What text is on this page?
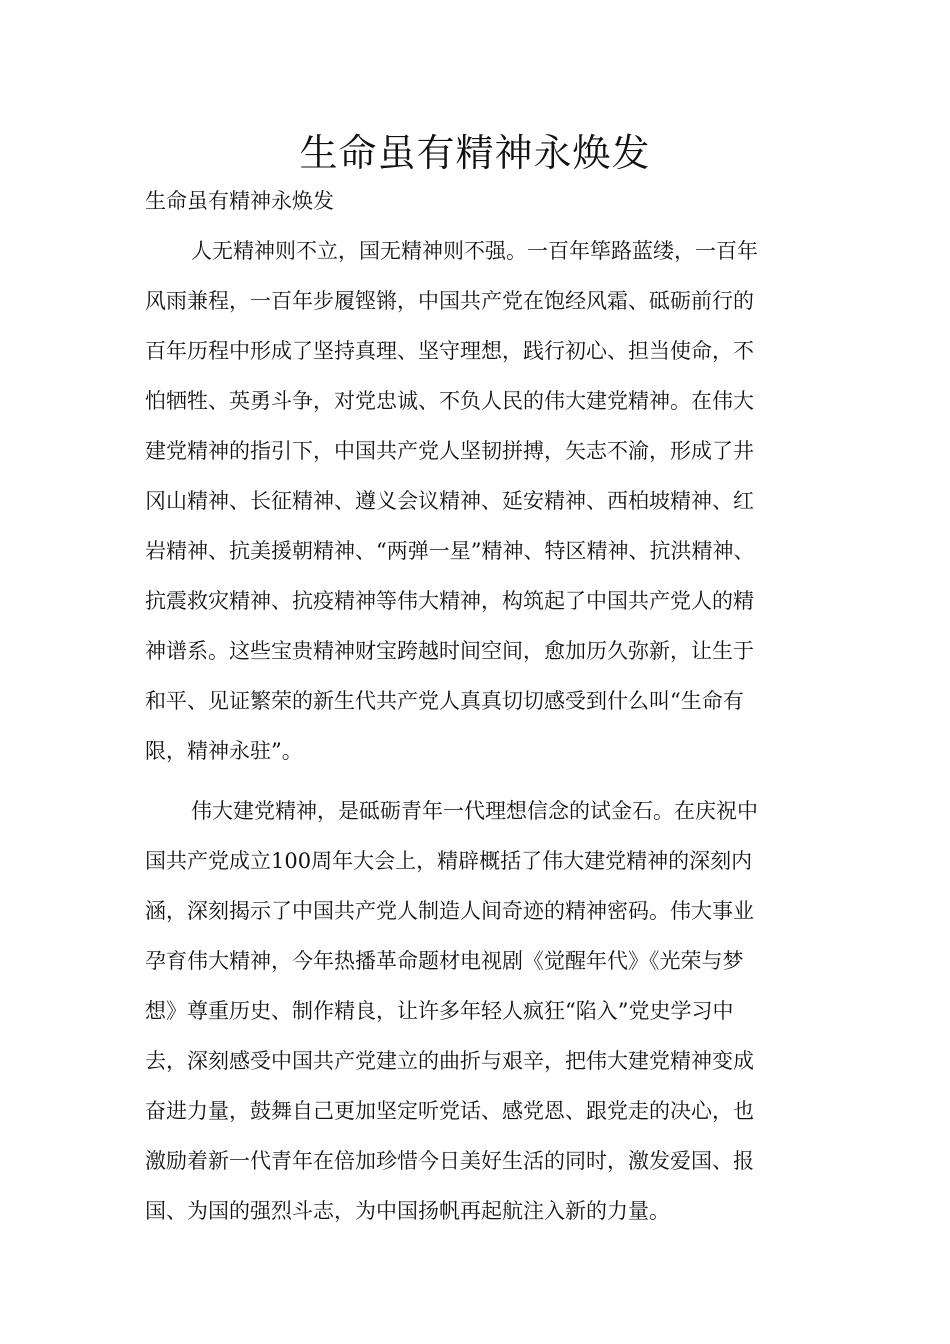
生命虽有精神永焕发
生命虽有精神永焕发
人无精神则不立，国无精神则不强。一百年筚路蓝缕，一百年
风雨兼程，一百年步履铿锵，中国共产党在饱经风霜、砥砺前行的
百年历程中形成了坚持真理、坚守理想，践行初心、担当使命，不
怕牺牲、英勇斗争，对党忠诚、不负人民的伟大建党精神。在伟大
建党精神的指引下，中国共产党人坚韧拼搏，矢志不渝，形成了井
冈山精神、长征精神、遵义会议精神、延安精神、西柏坡精神、红
岩精神、抗美援朝精神、“两弹一星”精神、特区精神、抗洪精神、
抗震救灾精神、抗疫精神等伟大精神，构筑起了中国共产党人的精
神谱系。这些宝贵精神财宝跨越时间空间，愈加历久弥新，让生于
和平、见证繁荣的新生代共产党人真真切切感受到什么叫“生命有
限，精神永驻”。
伟大建党精神，是砥砺青年一代理想信念的试金石。在庆祝中
国共产党成立100周年大会上，精辟概括了伟大建党精神的深刻内
涵，深刻揭示了中国共产党人制造人间奇迹的精神密码。伟大事业
孕育伟大精神，今年热播革命题材电视剧《觉醒年代》《光荣与梦
想》尊重历史、制作精良，让许多年轻人疯狂“陷入”党史学习中
去，深刻感受中国共产党建立的曲折与艰辛，把伟大建党精神变成
奋进力量，鼓舞自己更加坚定听党话、感党恩、跟党走的决心，也
激励着新一代青年在倍加珍惜今日美好生活的同时，激发爱国、报
国、为国的强烈斗志，为中国扬帆再起航注入新的力量。
